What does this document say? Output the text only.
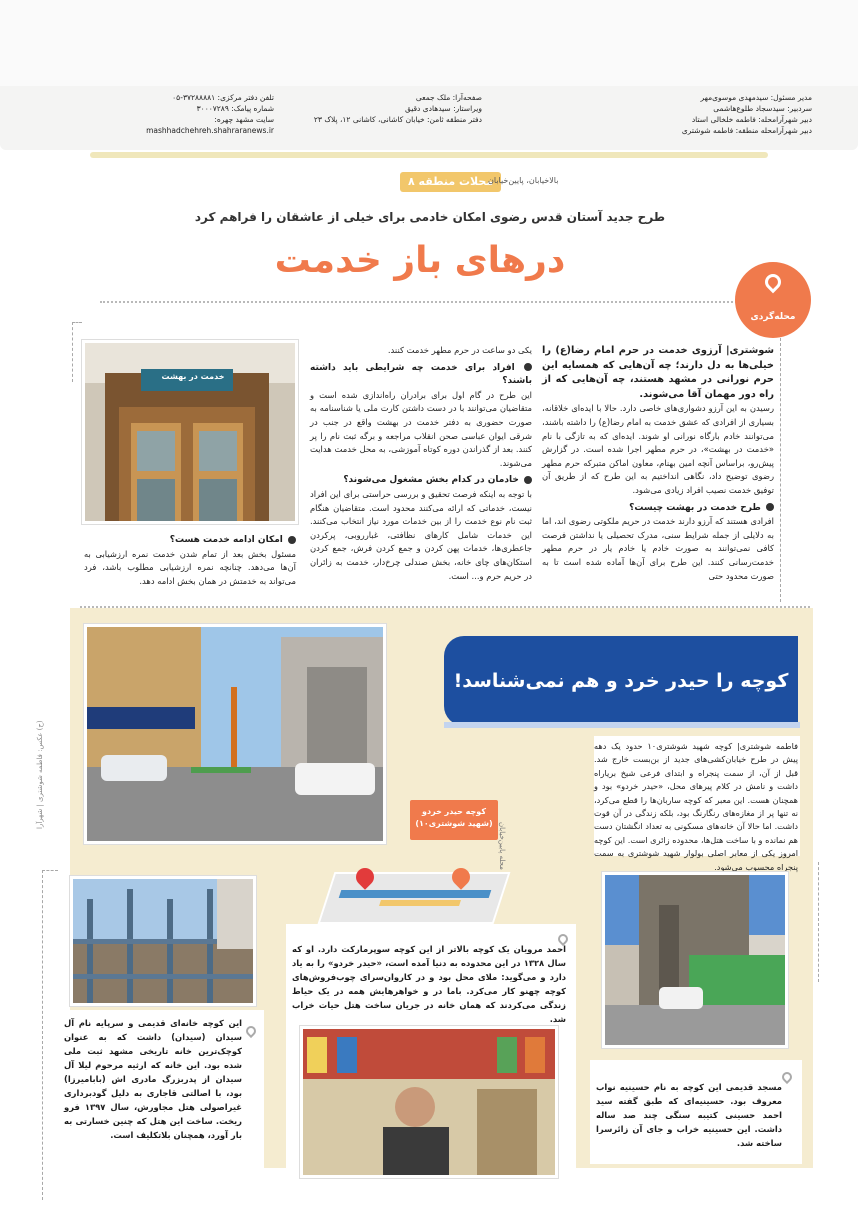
مدیر مسئول: سیدمهدی موسوی‌مهر
سردبیر: سیدسجاد طلوع‌هاشمی
دبیر شهرآرامحله: فاطمه خلخالی استاد
دبیر شهرآرامحله منطقه: فاطمه شوشتری
صفحه‌آرا: ملک جمعی
ویراستار: سیدهادی دقیق
دفتر منطقه ثامن: خیابان کاشانی، کاشانی ۱۲، پلاک ۲۳
تلفن دفتر مرکزی: ۳۷۲۸۸۸۸۱-۰۵
شماره پیامک: ۳۰۰۰۷۲۸۹
سایت مشهد چهره:
mashhadchehreh.shahraranews.ir
محلات منطقه ۸
بالاخیابان، پایین‌خیابان
طرح جدید آستان قدس رضوی امکان خادمی برای خیلی از عاشقان را فراهم کرد
درهای باز خدمت
محله‌گردی

شوشتری| آرزوی خدمت در حرم امام رضا(ع) را خیلی‌ها به دل دارند؛ چه آن‌هایی که همسایه این حرم نورانی در مشهد هستند، چه آن‌هایی که از راه دور مهمان آقا می‌شوند.

رسیدن به این آرزو دشواری‌های خاصی دارد. حالا با ایده‌ای خلاقانه، بسیاری از افرادی که عشق خدمت به امام رضا(ع) را داشته باشند، می‌توانند خادم بارگاه نورانی او شوند. ایده‌ای که به تازگی با نام «خدمت در بهشت»، در حرم مطهر اجرا شده است. در گزارش پیش‌رو، براساس آنچه امین بهنام، معاون اماکن متبرکه حرم مطهر رضوی توضیح داد، نگاهی انداختیم به این طرح که از طریق آن توفیق خدمت نصیب افراد زیادی می‌شود.

طرح خدمت در بهشت چیست؟

افرادی هستند که آرزو دارند خدمت در حریم ملکوتی رضوی اند، اما به دلایلی از جمله شرایط سنی، مدرک تحصیلی یا نداشتن فرصت کافی نمی‌توانند به صورت خادم یا خادم یار در حرم مطهر خدمت‌رسانی کنند. این طرح برای آن‌ها آماده شده است تا به صورت محدود حتی

یکی دو ساعت در حرم مطهر خدمت کنند.

افراد برای خدمت چه شرایطی باید داشته باشند؟

این طرح در گام اول برای برادران راه‌اندازی شده است و متقاضیان می‌توانند با در دست داشتن کارت ملی یا شناسنامه به صورت حضوری به دفتر خدمت در بهشت واقع در جنب در شرقی ایوان عباسی صحن انقلاب مراجعه و برگه ثبت نام را پر کنند. بعد از گذراندن دوره کوتاه آموزشی، به محل خدمت هدایت می‌شوند.

خادمان در کدام بخش مشغول می‌شوند؟

با توجه به اینکه فرصت تحقیق و بررسی حراستی برای این افراد نیست، خدماتی که ارائه می‌کنند محدود است. متقاضیان هنگام ثبت نام نوع خدمت را از بین خدمات مورد نیاز انتخاب می‌کنند. این خدمات شامل کارهای نظافتی، غبارروبی، پرکردن جاعطری‌ها، خدمات پهن کردن و جمع کردن فرش، جمع کردن استکان‌های چای خانه، بخش صندلی چرخ‌دار، خدمت به زائران در حریم حرم و... است.

خدمت در بهشت

امکان ادامه خدمت هست؟

مسئول بخش بعد از تمام شدن خدمت نمره ارزشیابی به آن‌ها می‌دهد. چنانچه نمره ارزشیابی مطلوب باشد، فرد می‌تواند به خدمتش در همان بخش ادامه دهد.

کوچه را حیدر خرد و هم نمی‌شناسد!

فاطمه شوشتری| کوچه شهید شوشتری۱۰ حدود یک دهه پیش در طرح خیابان‌کشی‌های جدید از بن‌بست خارج شد. قبل از آن، از سمت پنجراه و ابتدای فرعی شیخ بریاراه داشت و نامش در کلام پیرهای محل، «حیدر خردو» بود و همچنان هست. این معبر که کوچه ساربان‌ها را قطع می‌کرد، نه تنها پر از مغازه‌های رنگارنگ بود، بلکه زندگی در آن قوت داشت. اما حالا آن خانه‌های مسکونی به تعداد انگشتان دست هم نمانده و با ساخت هتل‌ها، محدوده زائری است. این کوچه امروز یکی از معابر اصلی بولوار شهید شوشتری به سمت پنجراه محسوب می‌شود.

محله پایین‌خیابان
کوچه حیدر خردو (شهید شوشتری۱۰)
(ح) عکس: فاطمه شوشتری | شهرآرا

احمد مرویان یک کوچه بالاتر از این کوچه سوپرمارکت دارد. او که سال ۱۳۲۸ در این محدوده به دنیا آمده است، «حیدر خردو» را به یاد دارد و می‌گوید: ملای محل بود و در کاروان‌سرای چوب‌فروش‌های کوچه چهنو کار می‌کرد. باما در و خواهرهایش همه در یک حیاط زندگی می‌کردند که همان خانه در جریان ساخت هتل حیات خراب شد.

این کوچه خانه‌ای قدیمی و سرپایه نام آل سیدان (سیدان) داشت که به عنوان کوچک‌ترین خانه تاریخی مشهد ثبت ملی شده بود. این خانه که ارثیه مرحوم لیلا آل سیدان از پدربزرگ مادری اش (باباميرزا) بود، با اصالتی قاجاری به دلیل گودبرداری غیراصولی هتل مجاورش، سال ۱۳۹۷ فرو ریخت. ساخت این هتل که چنین خسارتی به بار آورد، همچنان بلاتکلیف است.

مسجد قدیمی این کوچه به نام حسینیه نواب معروف بود. حسینیه‌ای که طبق گفته سید احمد حسینی کتیبه سنگی چند صد ساله داشت. این حسینیه خراب و جای آن زائرسرا ساخته شد.
